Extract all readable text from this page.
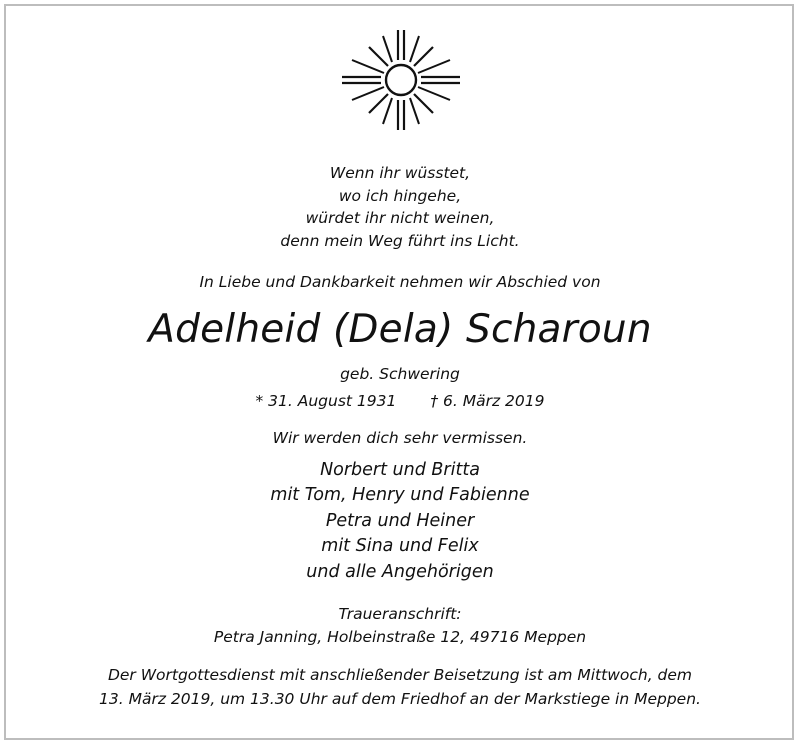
Wenn ihr wüsstet,
wo ich hingehe,
würdet ihr nicht weinen,
denn mein Weg führt ins Licht.
In Liebe und Dankbarkeit nehmen wir Abschied von
Adelheid (Dela) Scharoun
geb. Schwering
* 31. August 1931 † 6. März 2019
Wir werden dich sehr vermissen.
Norbert und Britta
mit Tom, Henry und Fabienne
Petra und Heiner
mit Sina und Felix
und alle Angehörigen
Traueranschrift:
Petra Janning, Holbeinstraße 12, 49716 Meppen
Der Wortgottesdienst mit anschließender Beisetzung ist am Mittwoch, dem
13. März 2019, um 13.30 Uhr auf dem Friedhof an der Markstiege in Meppen.
